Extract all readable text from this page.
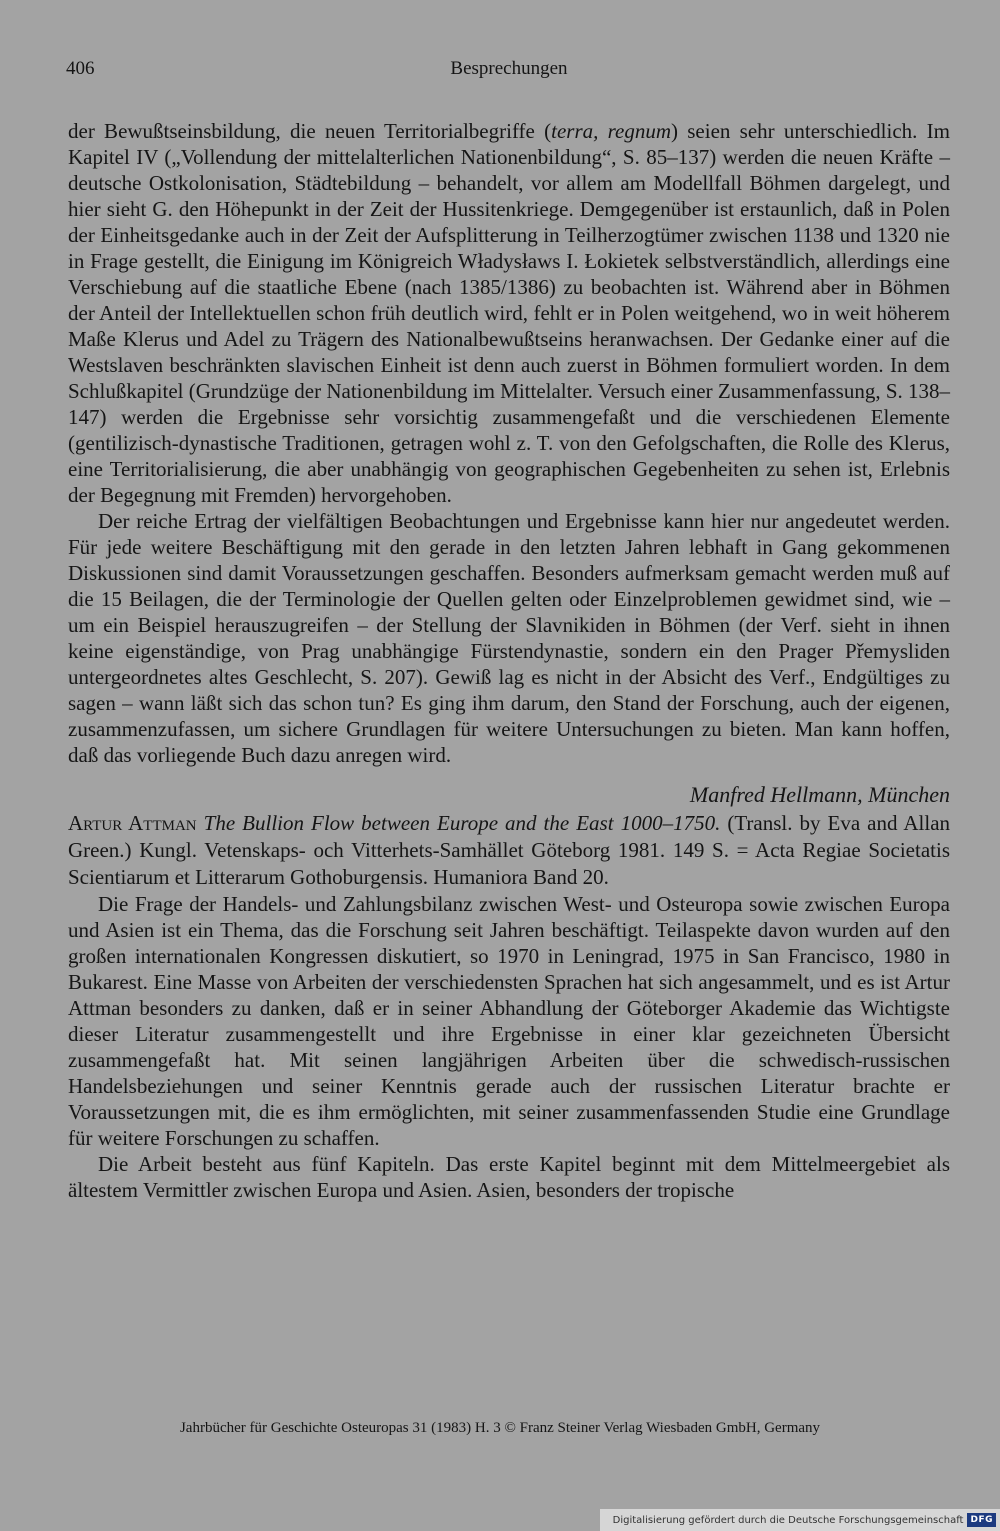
406	Besprechungen

der Bewußtseinsbildung, die neuen Territorialbegriffe (terra, regnum) seien sehr unterschiedlich. Im Kapitel IV („Vollendung der mittelalterlichen Nationenbildung“, S. 85–137) werden die neuen Kräfte – deutsche Ostkolonisation, Städtebildung – behandelt, vor allem am Modellfall Böhmen dargelegt, und hier sieht G. den Höhepunkt in der Zeit der Hussitenkriege. Demgegenüber ist erstaunlich, daß in Polen der Einheitsgedanke auch in der Zeit der Aufsplitterung in Teilherzogtümer zwischen 1138 und 1320 nie in Frage gestellt, die Einigung im Königreich Władysławs I. Łokietek selbstverständlich, allerdings eine Verschiebung auf die staatliche Ebene (nach 1385/1386) zu beobachten ist. Während aber in Böhmen der Anteil der Intellektuellen schon früh deutlich wird, fehlt er in Polen weitgehend, wo in weit höherem Maße Klerus und Adel zu Trägern des Nationalbewußtseins heranwachsen. Der Gedanke einer auf die Westslaven beschränkten slavischen Einheit ist denn auch zuerst in Böhmen formuliert worden. In dem Schlußkapitel (Grundzüge der Nationenbildung im Mittelalter. Versuch einer Zusammenfassung, S. 138–147) werden die Ergebnisse sehr vorsichtig zusammengefaßt und die verschiedenen Elemente (gentilizisch-dynastische Traditionen, getragen wohl z. T. von den Gefolgschaften, die Rolle des Klerus, eine Territorialisierung, die aber unabhängig von geographischen Gegebenheiten zu sehen ist, Erlebnis der Begegnung mit Fremden) hervorgehoben.

Der reiche Ertrag der vielfältigen Beobachtungen und Ergebnisse kann hier nur angedeutet werden. Für jede weitere Beschäftigung mit den gerade in den letzten Jahren lebhaft in Gang gekommenen Diskussionen sind damit Voraussetzungen geschaffen. Besonders aufmerksam gemacht werden muß auf die 15 Beilagen, die der Terminologie der Quellen gelten oder Einzelproblemen gewidmet sind, wie – um ein Beispiel herauszugreifen – der Stellung der Slavnikiden in Böhmen (der Verf. sieht in ihnen keine eigenständige, von Prag unabhängige Fürstendynastie, sondern ein den Prager Přemysliden untergeordnetes altes Geschlecht, S. 207). Gewiß lag es nicht in der Absicht des Verf., Endgültiges zu sagen – wann läßt sich das schon tun? Es ging ihm darum, den Stand der Forschung, auch der eigenen, zusammenzufassen, um sichere Grundlagen für weitere Untersuchungen zu bieten. Man kann hoffen, daß das vorliegende Buch dazu anregen wird.

Manfred Hellmann, München

Artur Attman The Bullion Flow between Europe and the East 1000–1750. (Transl. by Eva and Allan Green.) Kungl. Vetenskaps- och Vitterhets-Samhället Göteborg 1981. 149 S. = Acta Regiae Societatis Scientiarum et Litterarum Gothoburgensis. Humaniora Band 20.

Die Frage der Handels- und Zahlungsbilanz zwischen West- und Osteuropa sowie zwischen Europa und Asien ist ein Thema, das die Forschung seit Jahren beschäftigt. Teilaspekte davon wurden auf den großen internationalen Kongressen diskutiert, so 1970 in Leningrad, 1975 in San Francisco, 1980 in Bukarest. Eine Masse von Arbeiten der verschiedensten Sprachen hat sich angesammelt, und es ist Artur Attman besonders zu danken, daß er in seiner Abhandlung der Göteborger Akademie das Wichtigste dieser Literatur zusammengestellt und ihre Ergebnisse in einer klar gezeichneten Übersicht zusammengefaßt hat. Mit seinen langjährigen Arbeiten über die schwedisch-russischen Handelsbeziehungen und seiner Kenntnis gerade auch der russischen Literatur brachte er Voraussetzungen mit, die es ihm ermöglichten, mit seiner zusammenfassenden Studie eine Grundlage für weitere Forschungen zu schaffen.

Die Arbeit besteht aus fünf Kapiteln. Das erste Kapitel beginnt mit dem Mittelmeergebiet als ältestem Vermittler zwischen Europa und Asien. Asien, besonders der tropische

Jahrbücher für Geschichte Osteuropas 31 (1983) H. 3 © Franz Steiner Verlag Wiesbaden GmbH, Germany
Digitalisierung gefördert durch die Deutsche Forschungsgemeinschaft DFG
